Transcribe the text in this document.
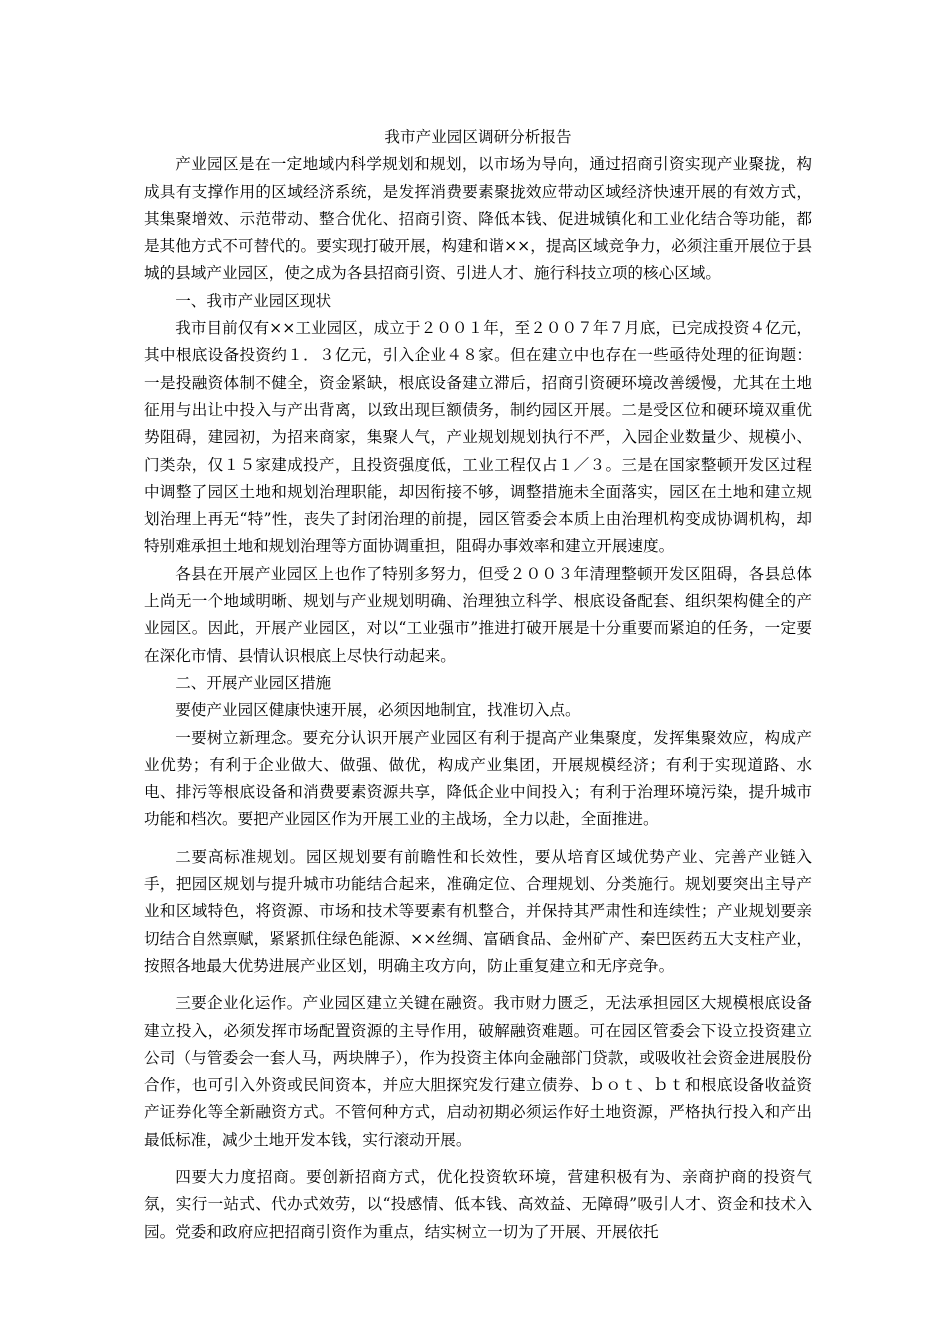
我市产业园区调研分析报告

产业园区是在一定地域内科学规划和规划，以市场为导向，通过招商引资实现产业聚拢，构成具有支撑作用的区域经济系统，是发挥消费要素聚拢效应带动区域经济快速开展的有效方式，其集聚增效、示范带动、整合优化、招商引资、降低本钱、促进城镇化和工业化结合等功能，都是其他方式不可替代的。要实现打破开展，构建和谐××，提高区域竞争力，必须注重开展位于县城的县域产业园区，使之成为各县招商引资、引进人才、施行科技立项的核心区域。

一、我市产业园区现状

我市目前仅有××工业园区，成立于２００１年，至２００７年７月底，已完成投资４亿元，其中根底设备投资约１．３亿元，引入企业４８家。但在建立中也存在一些亟待处理的征询题：一是投融资体制不健全，资金紧缺，根底设备建立滞后，招商引资硬环境改善缓慢，尤其在土地征用与出让中投入与产出背离，以致出现巨额债务，制约园区开展。二是受区位和硬环境双重优势阻碍，建园初，为招来商家，集聚人气，产业规划规划执行不严，入园企业数量少、规模小、门类杂，仅１５家建成投产，且投资强度低，工业工程仅占１／３。三是在国家整顿开发区过程中调整了园区土地和规划治理职能，却因衔接不够，调整措施未全面落实，园区在土地和建立规划治理上再无“特”性，丧失了封闭治理的前提，园区管委会本质上由治理机构变成协调机构，却特别难承担土地和规划治理等方面协调重担，阻碍办事效率和建立开展速度。

各县在开展产业园区上也作了特别多努力，但受２００３年清理整顿开发区阻碍，各县总体上尚无一个地域明晰、规划与产业规划明确、治理独立科学、根底设备配套、组织架构健全的产业园区。因此，开展产业园区，对以“工业强市”推进打破开展是十分重要而紧迫的任务，一定要在深化市情、县情认识根底上尽快行动起来。

二、开展产业园区措施

要使产业园区健康快速开展，必须因地制宜，找准切入点。

一要树立新理念。要充分认识开展产业园区有利于提高产业集聚度，发挥集聚效应，构成产业优势；有利于企业做大、做强、做优，构成产业集团，开展规模经济；有利于实现道路、水电、排污等根底设备和消费要素资源共享，降低企业中间投入；有利于治理环境污染，提升城市功能和档次。要把产业园区作为开展工业的主战场，全力以赴，全面推进。

二要高标准规划。园区规划要有前瞻性和长效性，要从培育区域优势产业、完善产业链入手，把园区规划与提升城市功能结合起来，准确定位、合理规划、分类施行。规划要突出主导产业和区域特色，将资源、市场和技术等要素有机整合，并保持其严肃性和连续性；产业规划要亲切结合自然禀赋，紧紧抓住绿色能源、××丝绸、富硒食品、金州矿产、秦巴医药五大支柱产业，按照各地最大优势进展产业区划，明确主攻方向，防止重复建立和无序竞争。

三要企业化运作。产业园区建立关键在融资。我市财力匮乏，无法承担园区大规模根底设备建立投入，必须发挥市场配置资源的主导作用，破解融资难题。可在园区管委会下设立投资建立公司（与管委会一套人马，两块牌子），作为投资主体向金融部门贷款，或吸收社会资金进展股份合作，也可引入外资或民间资本，并应大胆探究发行建立债券、ｂｏｔ、ｂｔ和根底设备收益资产证券化等全新融资方式。不管何种方式，启动初期必须运作好土地资源，严格执行投入和产出最低标准，减少土地开发本钱，实行滚动开展。

四要大力度招商。要创新招商方式，优化投资软环境，营建积极有为、亲商护商的投资气氛，实行一站式、代办式效劳，以“投感情、低本钱、高效益、无障碍”吸引人才、资金和技术入园。党委和政府应把招商引资作为重点，结实树立一切为了开展、开展依托
